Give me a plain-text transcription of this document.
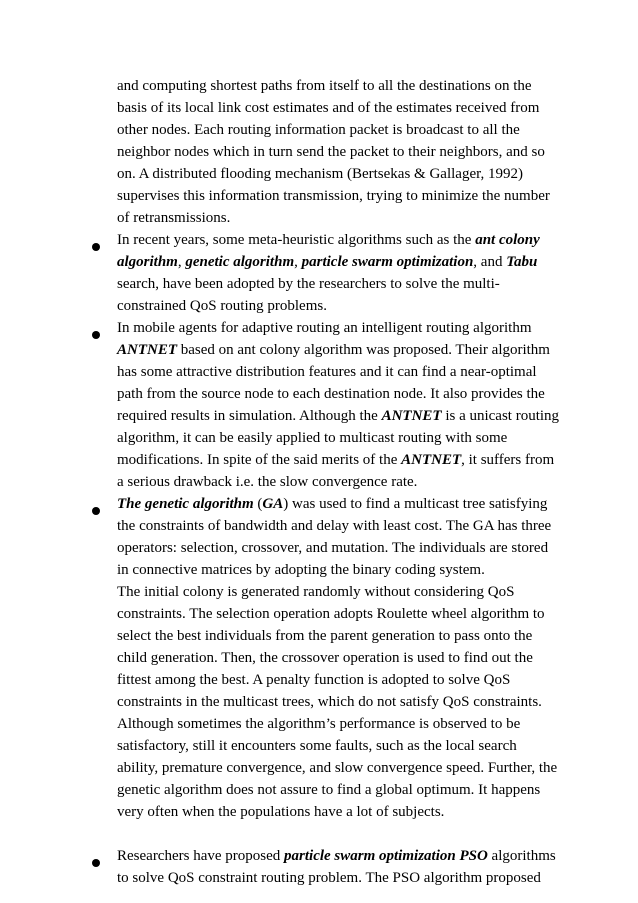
and computing shortest paths from itself to all the destinations on the
basis of its local link cost estimates and of the estimates received from
other nodes. Each routing information packet is broadcast to all the
neighbor nodes which in turn send the packet to their neighbors, and so
on. A distributed flooding mechanism (Bertsekas & Gallager, 1992)
supervises this information transmission, trying to minimize the number
of retransmissions.
In recent years, some meta-heuristic algorithms such as the ant colony
algorithm, genetic algorithm, particle swarm optimization, and Tabu
search, have been adopted by the researchers to solve the multi-
constrained QoS routing problems.
In mobile agents for adaptive routing an intelligent routing algorithm
ANTNET based on ant colony algorithm was proposed. Their algorithm
has some attractive distribution features and it can find a near-optimal
path from the source node to each destination node. It also provides the
required results in simulation. Although the ANTNET is a unicast routing
algorithm, it can be easily applied to multicast routing with some
modifications. In spite of the said merits of the ANTNET, it suffers from
a serious drawback i.e. the slow convergence rate.
The genetic algorithm (GA) was used to find a multicast tree satisfying
the constraints of bandwidth and delay with least cost. The GA has three
operators: selection, crossover, and mutation. The individuals are stored
in connective matrices by adopting the binary coding system.
The initial colony is generated randomly without considering QoS
constraints. The selection operation adopts Roulette wheel algorithm to
select the best individuals from the parent generation to pass onto the
child generation. Then, the crossover operation is used to find out the
fittest among the best. A penalty function is adopted to solve QoS
constraints in the multicast trees, which do not satisfy QoS constraints.
Although sometimes the algorithm’s performance is observed to be
satisfactory, still it encounters some faults, such as the local search
ability, premature convergence, and slow convergence speed. Further, the
genetic algorithm does not assure to find a global optimum. It happens
very often when the populations have a lot of subjects.
Researchers have proposed particle swarm optimization PSO algorithms
to solve QoS constraint routing problem. The PSO algorithm proposed
